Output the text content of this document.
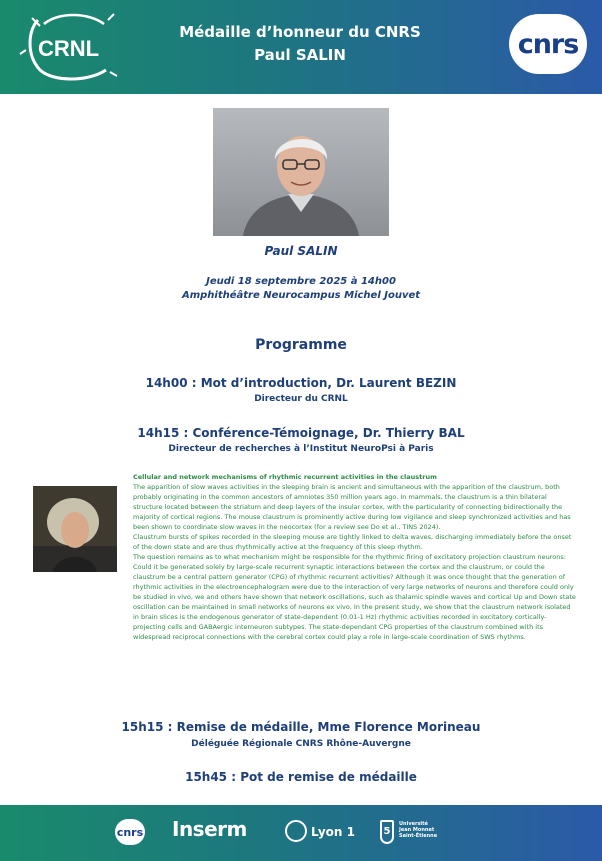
CRNL
Médaille d’honneur du CNRS
Paul SALIN	cnrs
Paul SALIN
Jeudi 18 septembre 2025 à 14h00
Amphithéâtre Neurocampus Michel Jouvet
Programme
14h00 : Mot d’introduction, Dr. Laurent BEZIN
Directeur du CRNL
14h15 : Conférence-Témoignage, Dr. Thierry BAL
Directeur de recherches à l’Institut NeuroPsi à Paris

Cellular and network mechanisms of rhythmic recurrent activities in the claustrum

The apparition of slow waves activities in the sleeping brain is ancient and simultaneous with the apparition of the claustrum, both probably originating in the common ancestors of amniotes 350 million years ago. In mammals, the claustrum is a thin bilateral structure located between the striatum and deep layers of the insular cortex, with the particularity of connecting bidirectionally the majority of cortical regions. The mouse claustrum is prominently active during low vigilance and sleep synchronized activities and has been shown to coordinate slow waves in the neocortex (for a review see Do et al., TINS 2024).

Claustrum bursts of spikes recorded in the sleeping mouse are tightly linked to delta waves, discharging immediately before the onset of the down state and are thus rhythmically active at the frequency of this sleep rhythm.

The question remains as to what mechanism might be responsible for the rhythmic firing of excitatory projection claustrum neurons: Could it be generated solely by large-scale recurrent synaptic interactions between the cortex and the claustrum, or could the claustrum be a central pattern generator (CPG) of rhythmic recurrent activities? Although it was once thought that the generation of rhythmic activities in the electroencephalogram were due to the interaction of very large networks of neurons and therefore could only be studied in vivo, we and others have shown that network oscillations, such as thalamic spindle waves and cortical Up and Down state oscillation can be maintained in small networks of neurons ex vivo. In the present study, we show that the claustrum network isolated in brain slices is the endogenous generator of state-dependent (0.01-1 Hz) rhythmic activities recorded in excitatory cortically-projecting cells and GABAergic interneuron subtypes. The state-dependant CPG properties of the claustrum combined with its widespread reciprocal connections with the cerebral cortex could play a role in large-scale coordination of SWS rhythms.

15h15 : Remise de médaille, Mme Florence Morineau
Déléguée Régionale CNRS Rhône-Auvergne
15h45 : Pot de remise de médaille
cnrs Inserm	Lyon 1	5
Université
Jean Monnet
Saint-Étienne
